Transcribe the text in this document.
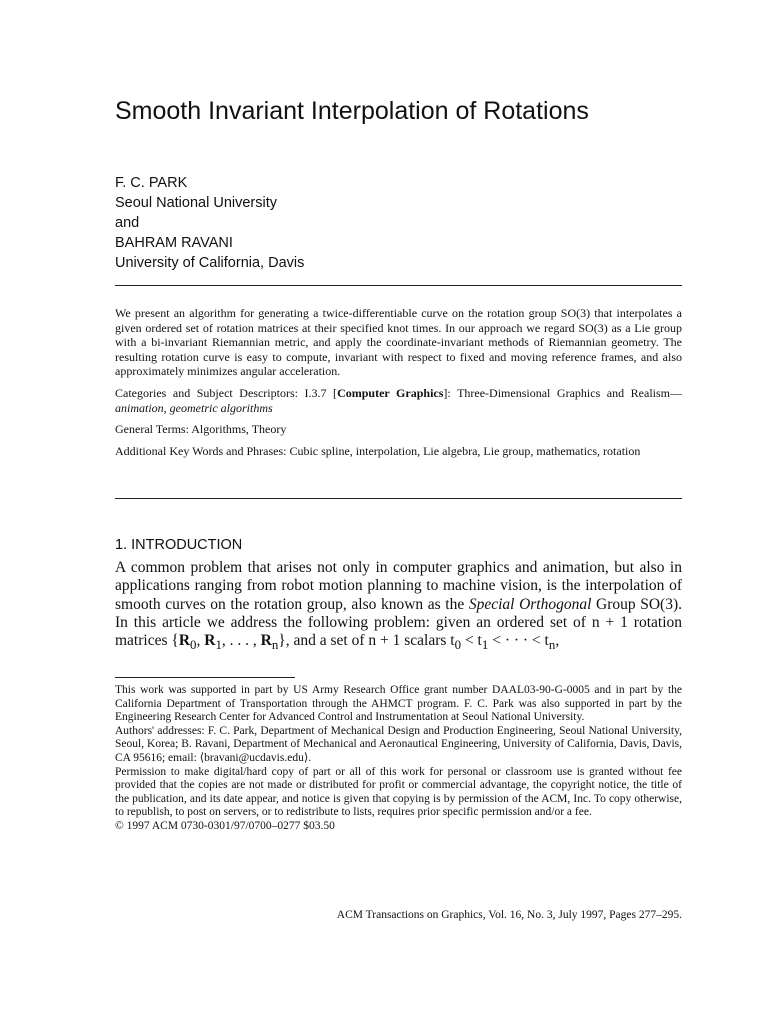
Smooth Invariant Interpolation of Rotations
F. C. PARK
Seoul National University
and
BAHRAM RAVANI
University of California, Davis

We present an algorithm for generating a twice-differentiable curve on the rotation group SO(3) that interpolates a given ordered set of rotation matrices at their specified knot times. In our approach we regard SO(3) as a Lie group with a bi-invariant Riemannian metric, and apply the coordinate-invariant methods of Riemannian geometry. The resulting rotation curve is easy to compute, invariant with respect to fixed and moving reference frames, and also approximately minimizes angular acceleration.

Categories and Subject Descriptors: I.3.7 [Computer Graphics]: Three-Dimensional Graphics and Realism—animation, geometric algorithms

General Terms: Algorithms, Theory

Additional Key Words and Phrases: Cubic spline, interpolation, Lie algebra, Lie group, mathematics, rotation

1. INTRODUCTION

A common problem that arises not only in computer graphics and animation, but also in applications ranging from robot motion planning to machine vision, is the interpolation of smooth curves on the rotation group, also known as the Special Orthogonal Group SO(3). In this article we address the following problem: given an ordered set of n + 1 rotation matrices {$R_0$, $R_1$, . . . , $R_n$}, and a set of n + 1 scalars $t_0 < t_1$ < · · · < $t_n$,

This work was supported in part by US Army Research Office grant number DAAL03-90-G-0005 and in part by the California Department of Transportation through the AHMCT program. F. C. Park was also supported in part by the Engineering Research Center for Advanced Control and Instrumentation at Seoul National University.

Authors' addresses: F. C. Park, Department of Mechanical Design and Production Engineering, Seoul National University, Seoul, Korea; B. Ravani, Department of Mechanical and Aeronautical Engineering, University of California, Davis, Davis, CA 95616; email: ⟨bravani@ucdavis.edu⟩.

Permission to make digital/hard copy of part or all of this work for personal or classroom use is granted without fee provided that the copies are not made or distributed for profit or commercial advantage, the copyright notice, the title of the publication, and its date appear, and notice is given that copying is by permission of the ACM, Inc. To copy otherwise, to republish, to post on servers, or to redistribute to lists, requires prior specific permission and/or a fee.

© 1997 ACM 0730-0301/97/0700–0277 $03.50

ACM Transactions on Graphics, Vol. 16, No. 3, July 1997, Pages 277–295.
